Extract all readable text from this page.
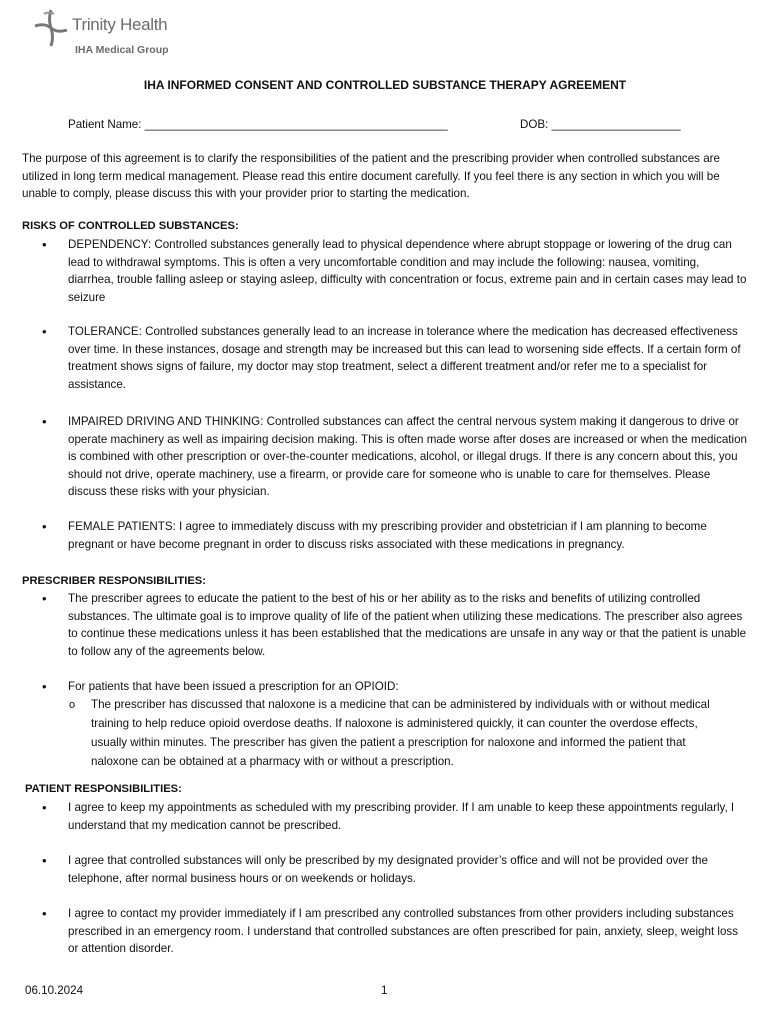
Trinity Health
IHA Medical Group
IHA INFORMED CONSENT AND CONTROLLED SUBSTANCE THERAPY AGREEMENT
Patient Name: _______________________________________________	DOB: ____________________
The purpose of this agreement is to clarify the responsibilities of the patient and the prescribing provider when controlled substances are utilized in long term medical management. Please read this entire document carefully. If you feel there is any section in which you will be unable to comply, please discuss this with your provider prior to starting the medication.
RISKS OF CONTROLLED SUBSTANCES:
• DEPENDENCY: Controlled substances generally lead to physical dependence where abrupt stoppage or lowering of the drug can lead to withdrawal symptoms. This is often a very uncomfortable condition and may include the following: nausea, vomiting, diarrhea, trouble falling asleep or staying asleep, difficulty with concentration or focus, extreme pain and in certain cases may lead to seizure
• TOLERANCE: Controlled substances generally lead to an increase in tolerance where the medication has decreased effectiveness over time. In these instances, dosage and strength may be increased but this can lead to worsening side effects. If a certain form of treatment shows signs of failure, my doctor may stop treatment, select a different treatment and/or refer me to a specialist for assistance.
• IMPAIRED DRIVING AND THINKING: Controlled substances can affect the central nervous system making it dangerous to drive or operate machinery as well as impairing decision making. This is often made worse after doses are increased or when the medication is combined with other prescription or over-the-counter medications, alcohol, or illegal drugs. If there is any concern about this, you should not drive, operate machinery, use a firearm, or provide care for someone who is unable to care for themselves. Please discuss these risks with your physician.
• FEMALE PATIENTS: I agree to immediately discuss with my prescribing provider and obstetrician if I am planning to become pregnant or have become pregnant in order to discuss risks associated with these medications in pregnancy.
PRESCRIBER RESPONSIBILITIES:
• The prescriber agrees to educate the patient to the best of his or her ability as to the risks and benefits of utilizing controlled substances. The ultimate goal is to improve quality of life of the patient when utilizing these medications. The prescriber also agrees to continue these medications unless it has been established that the medications are unsafe in any way or that the patient is unable to follow any of the agreements below.
• For patients that have been issued a prescription for an OPIOID:
o The prescriber has discussed that naloxone is a medicine that can be administered by individuals with or without medical training to help reduce opioid overdose deaths. If naloxone is administered quickly, it can counter the overdose effects, usually within minutes. The prescriber has given the patient a prescription for naloxone and informed the patient that naloxone can be obtained at a pharmacy with or without a prescription.
PATIENT RESPONSIBILITIES:
• I agree to keep my appointments as scheduled with my prescribing provider. If I am unable to keep these appointments regularly, I understand that my medication cannot be prescribed.
• I agree that controlled substances will only be prescribed by my designated provider’s office and will not be provided over the telephone, after normal business hours or on weekends or holidays.
• I agree to contact my provider immediately if I am prescribed any controlled substances from other providers including substances prescribed in an emergency room. I understand that controlled substances are often prescribed for pain, anxiety, sleep, weight loss or attention disorder.
06.10.2024	1
